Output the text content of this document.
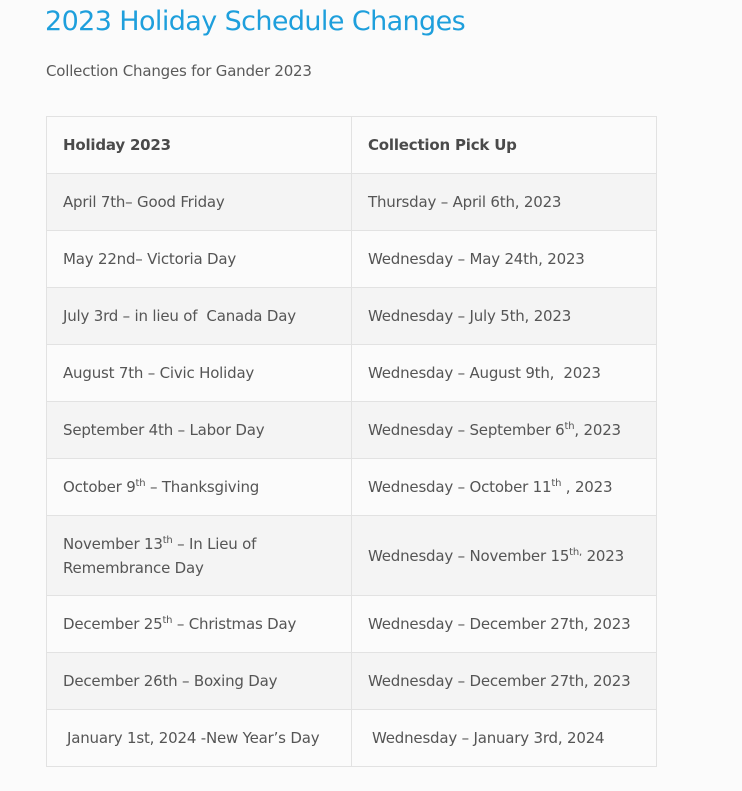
2023 Holiday Schedule Changes

Collection Changes for Gander 2023

Holiday 2023	Collection Pick Up
April 7th– Good Friday	Thursday – April 6th, 2023
May 22nd– Victoria Day	Wednesday – May 24th, 2023
July 3rd – in lieu of  Canada Day	Wednesday – July 5th, 2023
August 7th – Civic Holiday	Wednesday – August 9th,  2023
September 4th – Labor Day	Wednesday – September 6th, 2023
October 9th – Thanksgiving	Wednesday – October 11th , 2023
November 13th – In Lieu of Remembrance Day	Wednesday – November $15^{th,}$ 2023
December 25th – Christmas Day	Wednesday – December 27th, 2023
December 26th – Boxing Day	Wednesday – December 27th, 2023
January 1st, 2024 -New Year’s Day	Wednesday – January 3rd, 2024
